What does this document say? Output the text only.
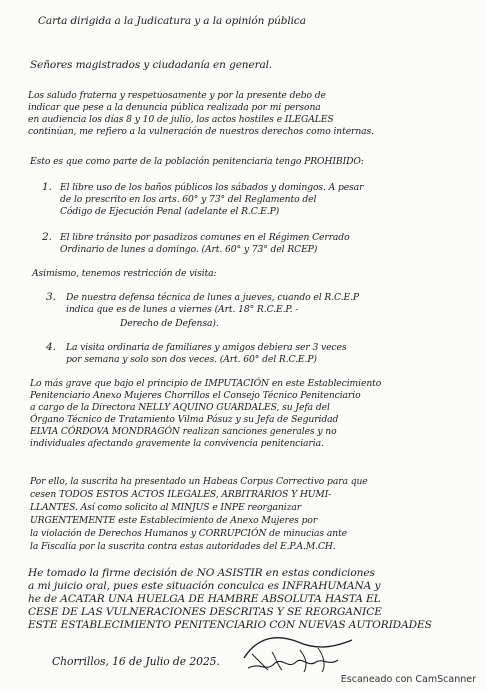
Carta dirigida a la Judicatura y a la opinión pública
Señores magistrados y ciudadanía en general.
Los saludo fraterna y respetuosamente y por la presente debo de
indicar que pese a la denuncia pública realizada por mi persona
en audiencia los días 8 y 10 de julio, los actos hostiles e ILEGALES
continúan, me refiero a la vulneración de nuestros derechos como internas.
Esto es que como parte de la población penitenciaria tengo PROHIBIDO:
1. El libre uso de los baños públicos los sábados y domingos. A pesar
de lo prescrito en los arts. 60° y 73° del Reglamento del
Código de Ejecución Penal (adelante el R.C.E.P)
2. El libre tránsito por pasadizos comunes en el Régimen Cerrado
Ordinario de lunes a domingo. (Art. 60° y 73° del RCEP)
Asimismo, tenemos restricción de visita:
3. De nuestra defensa técnica de lunes a jueves, cuando el R.C.E.P
indica que es de lunes a viernes (Art. 18° R.C.E.P. -
Derecho de Defensa).
4. La visita ordinaria de familiares y amigos debiera ser 3 veces
por semana y solo son dos veces. (Art. 60° del R.C.E.P)
Lo más grave que bajo el principio de IMPUTACIÓN en este Establecimiento
Penitenciario Anexo Mujeres Chorrillos el Consejo Técnico Penitenciario
a cargo de la Directora NELLY AQUINO GUARDALES, su Jefa del
Órgano Técnico de Tratamiento Vilma Pásuz y su Jefa de Seguridad
ELVIA CÓRDOVA MONDRAGÓN realizan sanciones generales y no
individuales afectando gravemente la convivencia penitenciaria.
Por ello, la suscrita ha presentado un Habeas Corpus Correctivo para que
cesen TODOS ESTOS ACTOS ILEGALES, ARBITRARIOS Y HUMI-
LLANTES. Así como solicito al MINJUS e INPE reorganizar
URGENTEMENTE este Establecimiento de Anexo Mujeres por
la violación de Derechos Humanos y CORRUPCIÓN de minucias ante
la Fiscalía por la suscrita contra estas autoridades del E.P.A.M.CH.
He tomado la firme decisión de NO ASISTIR en estas condiciones
a mi juicio oral, pues este situación conculca es INFRAHUMANA y
he de ACATAR UNA HUELGA DE HAMBRE ABSOLUTA HASTA EL
CESE DE LAS VULNERACIONES DESCRITAS Y SE REORGANICE
ESTE ESTABLECIMIENTO PENITENCIARIO CON NUEVAS AUTORIDADES
Chorrillos, 16 de Julio de 2025.
Escaneado con CamScanner
